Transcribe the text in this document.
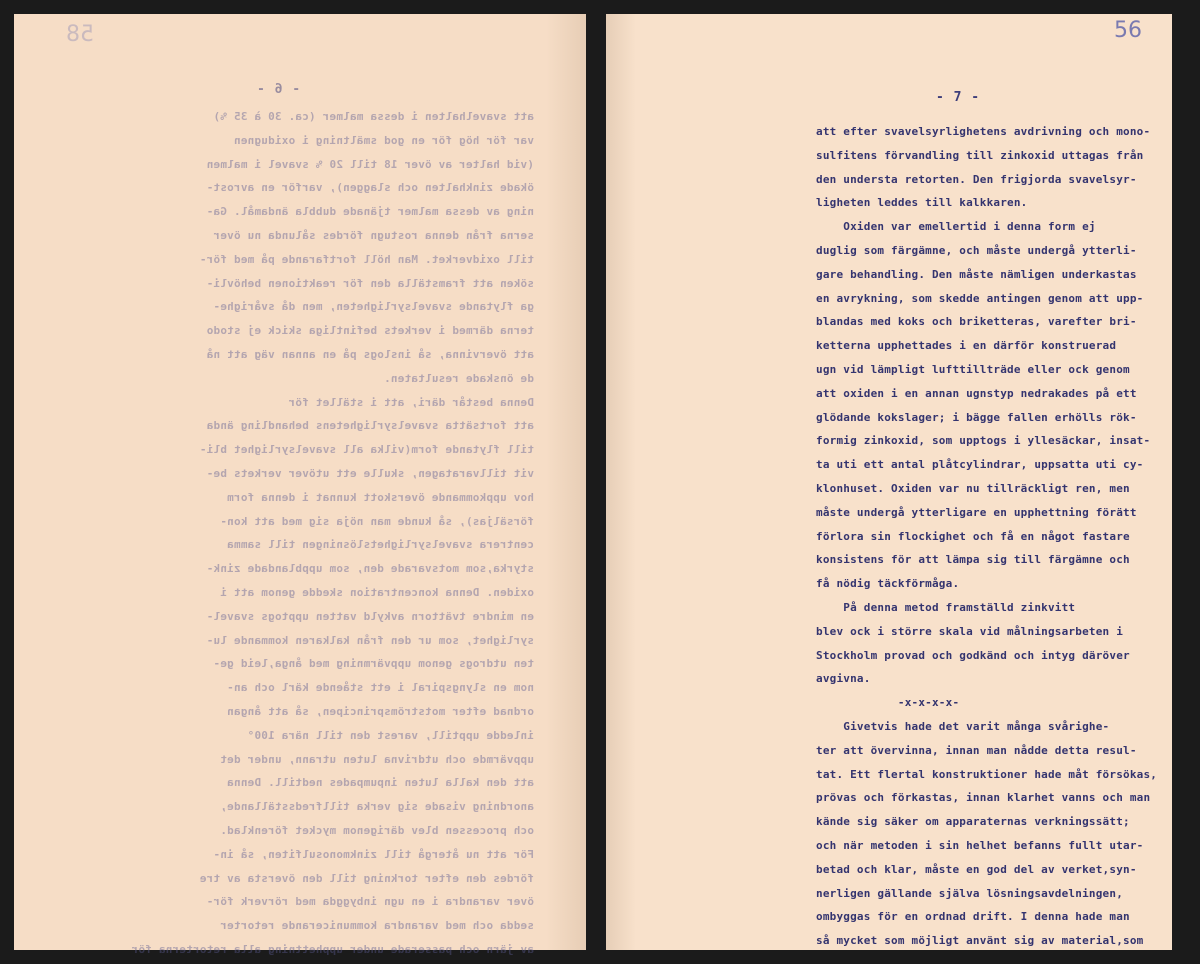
58
- 6 -
att svavelhalten i dessa malmer (ca. 30 à 35 %)
var för hög för en god smältning i oxidugnen
(vid halter av över 18 till 20 % svavel i malmen
ökade zinkhalten och slaggen), varför en avrost-
ning av dessa malmer tjänade dubbla ändamål. Ga-
serna från denna rostugn fördes sålunda nu över
till oxidverket. Man höll fortfarande på med för-
söken att framställa den för reaktionen behövli-
ga flytande svavelsyrligheten, men då svårighe-
terna därmed i verkets befintliga skick ej stodo
att övervinna, så inslogs på en annan väg att nå
de önskade resultaten.
Denna består däri, att i stället för
att fortsätta svavelsyrlighetens behandling ända
till flytande form(vilka all svavelsyrlighet bli-
vit tillvaratagen, skulle ett utöver verkets be-
hov uppkommande överskott kunnat i denna form
försäljas), så kunde man nöja sig med att kon-
centrera svavelsyrlighetslösningen till samma
styrka,som motsvarade den, som uppblandade zink-
oxiden. Denna koncentration skedde genom att i
en mindre tvättorn avkyld vatten upptogs svavel-
syrlighet, som ur den från kalkaren kommande lu-
ten utdrogs genom uppvärmning med ånga,leid ge-
nom en slyngspiral i ett stående kärl och an-
ordnad efter motströmsprincipen, så att ångan
inledde upptill, varest den till nära 100°
uppvärmde och utdrivna luten utrann, under det
att den kalla luten inpumpades nedtill. Denna
anordning visade sig verka tillfredsställande,
och processen blev därigenom mycket förenklad.
För att nu återgå till zinkmonosulfiten, så in-
fördes den efter torkning till den översta av tre
över varandra i en ugn inbyggda med rörverk för-
sedda och med varandra kommunicerande retorter
av järn och passerade under upphettning alla retorterna för
56
- 7 -
att efter svavelsyrlighetens avdrivning och mono-
sulfitens förvandling till zinkoxid uttagas från
den understa retorten. Den frigjorda svavelsyr-
ligheten leddes till kalkkaren.
Oxiden var emellertid i denna form ej
duglig som färgämne, och måste undergå ytterli-
gare behandling. Den måste nämligen underkastas
en avrykning, som skedde antingen genom att upp-
blandas med koks och briketteras, varefter bri-
ketterna upphettades i en därför konstruerad
ugn vid lämpligt lufttillträde eller ock genom
att oxiden i en annan ugnstyp nedrakades på ett
glödande kokslager; i bägge fallen erhölls rök-
formig zinkoxid, som upptogs i yllesäckar, insat-
ta uti ett antal plåtcylindrar, uppsatta uti cy-
klonhuset. Oxiden var nu tillräckligt ren, men
måste undergå ytterligare en upphettning förätt
förlora sin flockighet och få en något fastare
konsistens för att lämpa sig till färgämne och
få nödig täckförmåga.
På denna metod framställd zinkvitt
blev ock i större skala vid målningsarbeten i
Stockholm provad och godkänd och intyg däröver
avgivna.
-x-x-x-x-
Givetvis hade det varit många svårighe-
ter att övervinna, innan man nådde detta resul-
tat. Ett flertal konstruktioner hade måt försökas,
prövas och förkastas, innan klarhet vanns och man
kände sig säker om apparaternas verkningssätt;
och när metoden i sin helhet befanns fullt utar-
betad och klar, måste en god del av verket,syn-
nerligen gällande själva lösningsavdelningen,
ombyggas för en ordnad drift. I denna hade man
så mycket som möjligt använt sig av material,som
